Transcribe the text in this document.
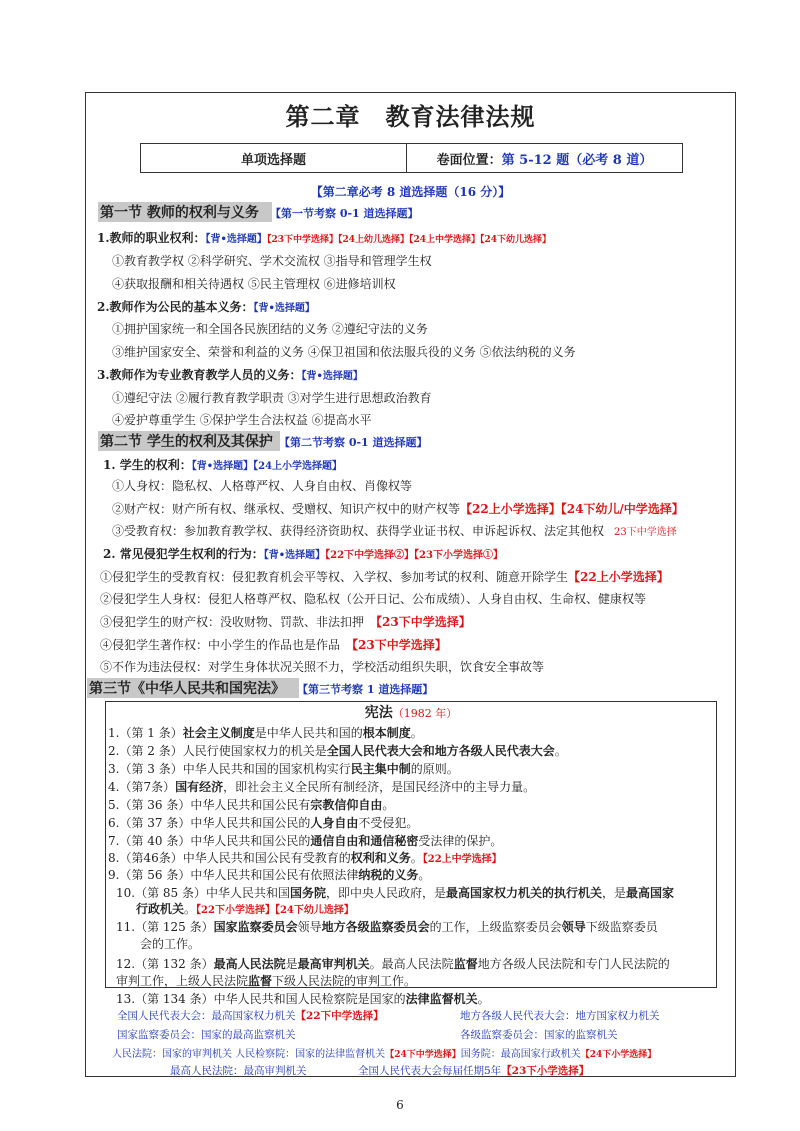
第二章　教育法律法规
单项选择题	卷面位置： 第 5-12 题（必考 8 道）
【第二章必考 8 道选择题（16 分）】
第一节 教师的权利与义务	【第一节考察 0-1 道选择题】
1.教师的职业权利：【背•选择题】【23下中学选择】【24上幼儿选择】【24上中学选择】【24下幼儿选择】
①教育教学权 ②科学研究、学术交流权 ③指导和管理学生权
④获取报酬和相关待遇权 ⑤民主管理权 ⑥进修培训权
2.教师作为公民的基本义务：【背•选择题】
①拥护国家统一和全国各民族团结的义务 ②遵纪守法的义务
③维护国家安全、荣誉和利益的义务 ④保卫祖国和依法服兵役的义务 ⑤依法纳税的义务
3.教师作为专业教育教学人员的义务：【背•选择题】
①遵纪守法 ②履行教育教学职责 ③对学生进行思想政治教育
④爱护尊重学生 ⑤保护学生合法权益 ⑥提高水平
第二节 学生的权利及其保护 【第二节考察 0-1 道选择题】
1. 学生的权利：【背•选择题】【24上小学选择题】
①人身权：隐私权、人格尊严权、人身自由权、肖像权等
②财产权：财产所有权、继承权、受赠权、知识产权中的财产权等【22上小学选择】【24下幼儿/中学选择】
③受教育权：参加教育教学权、获得经济资助权、获得学业证书权、申诉起诉权、法定其他权 23下中学选择
2. 常见侵犯学生权利的行为：【背•选择题】【22下中学选择②】【23下小学选择①】
①侵犯学生的受教育权：侵犯教育机会平等权、入学权、参加考试的权利、随意开除学生【22上小学选择】
②侵犯学生人身权：侵犯人格尊严权、隐私权（公开日记、公布成绩）、人身自由权、生命权、健康权等
③侵犯学生的财产权：没收财物、罚款、非法扣押 【23下中学选择】
④侵犯学生著作权：中小学生的作品也是作品 【23下中学选择】
⑤不作为违法侵权：对学生身体状况关照不力，学校活动组织失职，饮食安全事故等
第三节《中华人民共和国宪法》	【第三节考察 1 道选择题】
宪法（1982 年）
1.（第 1 条）社会主义制度是中华人民共和国的根本制度。
2.（第 2 条）人民行使国家权力的机关是全国人民代表大会和地方各级人民代表大会。
3.（第 3 条）中华人民共和国的国家机构实行民主集中制的原则。
4.（第7条）国有经济，即社会主义全民所有制经济，是国民经济中的主导力量。
5.（第 36 条）中华人民共和国公民有宗教信仰自由。
6.（第 37 条）中华人民共和国公民的人身自由不受侵犯。
7.（第 40 条）中华人民共和国公民的通信自由和通信秘密受法律的保护。
8.（第46条）中华人民共和国公民有受教育的权利和义务。【22上中学选择】
9.（第 56 条）中华人民共和国公民有依照法律纳税的义务。
10.（第 85 条）中华人民共和国国务院，即中央人民政府，是最高国家权力机关的执行机关，是最高国家
行政机关。【22下小学选择】【24下幼儿选择】
11.（第 125 条）国家监察委员会领导地方各级监察委员会的工作，上级监察委员会领导下级监察委员
会的工作。
12.（第 132 条）最高人民法院是最高审判机关。最高人民法院监督地方各级人民法院和专门人民法院的
审判工作，上级人民法院监督下级人民法院的审判工作。
13.（第 134 条）中华人民共和国人民检察院是国家的法律监督机关。
全国人民代表大会：最高国家权力机关【22下中学选择】	地方各级人民代表大会：地方国家权力机关
国家监察委员会：国家的最高监察机关	各级监察委员会：国家的监察机关
人民法院：国家的审判机关 人民检察院：国家的法律监督机关【24下中学选择】国务院：最高国家行政机关【24下小学选择】
最高人民法院：最高审判机关	全国人民代表大会每届任期5年【23下小学选择】
6
